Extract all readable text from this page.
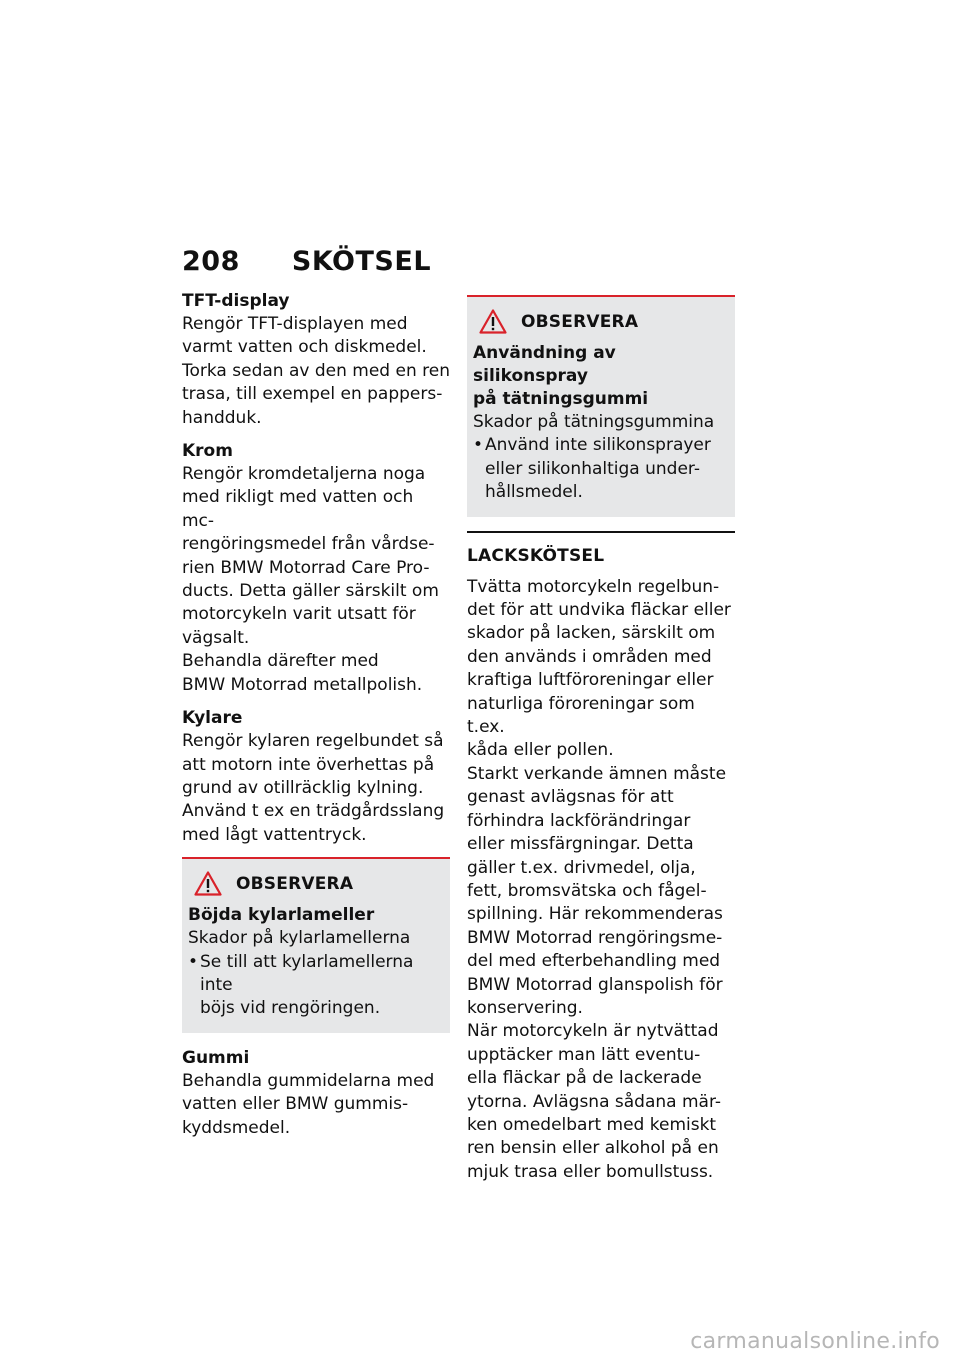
208 SKÖTSEL

TFT-display

Rengör TFT-displayen med
varmt vatten och diskmedel.
Torka sedan av den med en ren
trasa, till exempel en pappers-
handduk.

Krom

Rengör kromdetaljerna noga
med rikligt med vatten och mc-
rengöringsmedel från vårdse-
rien BMW Motorrad Care Pro-
ducts. Detta gäller särskilt om
motorcykeln varit utsatt för
vägsalt.
Behandla därefter med
BMW Motorrad metallpolish.

Kylare

Rengör kylaren regelbundet så
att motorn inte överhettas på
grund av otillräcklig kylning.
Använd t ex en trädgårdsslang
med lågt vattentryck.

OBSERVERA

Böjda kylarlameller

Skador på kylarlamellerna

• Se till att kylarlamellerna inte
böjs vid rengöringen.

Gummi

Behandla gummidelarna med
vatten eller BMW gummis-
kyddsmedel.

OBSERVERA

Användning av silikonspray
på tätningsgummi

Skador på tätningsgummina

• Använd inte silikonsprayer
eller silikonhaltiga under-
hållsmedel.

LACKSKÖTSEL

Tvätta motorcykeln regelbun-
det för att undvika fläckar eller
skador på lacken, särskilt om
den används i områden med
kraftiga luftföroreningar eller
naturliga föroreningar som t.ex.
kåda eller pollen.

Starkt verkande ämnen måste
genast avlägsnas för att
förhindra lackförändringar
eller missfärgningar. Detta
gäller t.ex. drivmedel, olja,
fett, bromsvätska och fågel-
spillning. Här rekommenderas
BMW Motorrad rengöringsme-
del med efterbehandling med
BMW Motorrad glanspolish för
konservering.

När motorcykeln är nytvättad
upptäcker man lätt eventu-
ella fläckar på de lackerade
ytorna. Avlägsna sådana mär-
ken omedelbart med kemiskt
ren bensin eller alkohol på en
mjuk trasa eller bomullstuss.

carmanualsonline.info
